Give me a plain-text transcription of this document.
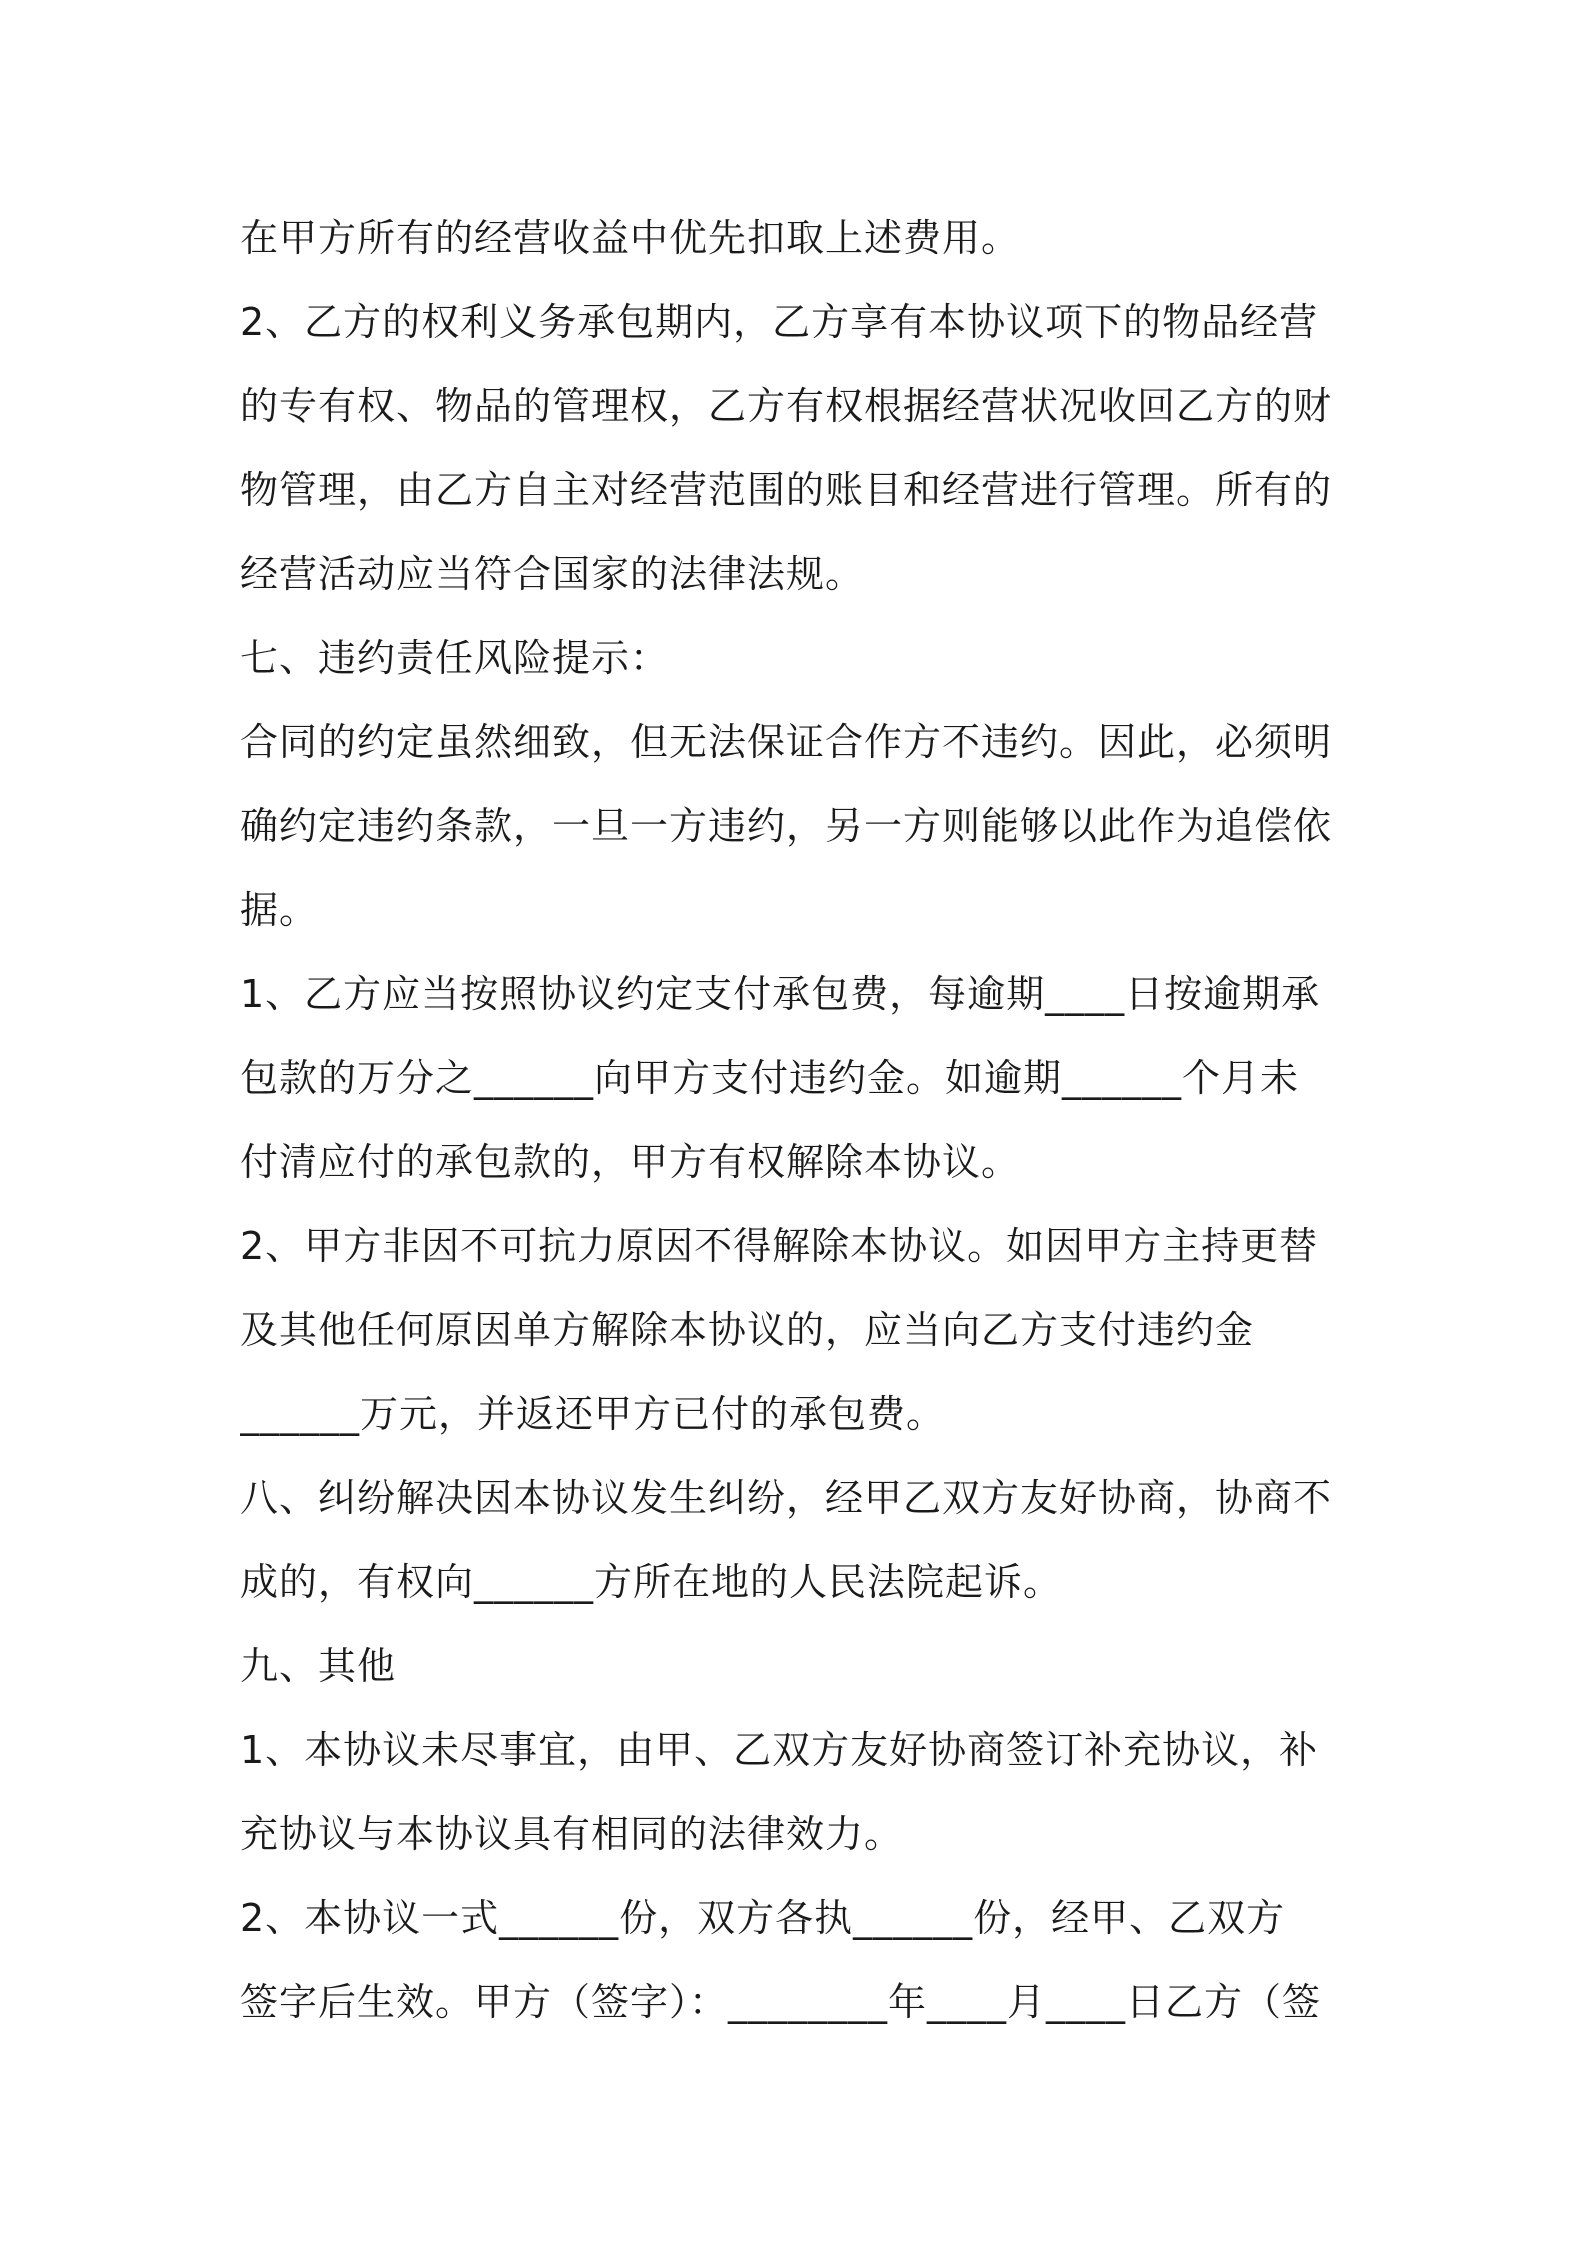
在甲方所有的经营收益中优先扣取上述费用。
2、乙方的权利义务承包期内，乙方享有本协议项下的物品经营
的专有权、物品的管理权，乙方有权根据经营状况收回乙方的财
物管理，由乙方自主对经营范围的账目和经营进行管理。所有的
经营活动应当符合国家的法律法规。
七、违约责任风险提示：
合同的约定虽然细致，但无法保证合作方不违约。因此，必须明
确约定违约条款，一旦一方违约，另一方则能够以此作为追偿依
据。
1、乙方应当按照协议约定支付承包费，每逾期____日按逾期承
包款的万分之______向甲方支付违约金。如逾期______个月未
付清应付的承包款的，甲方有权解除本协议。
2、甲方非因不可抗力原因不得解除本协议。如因甲方主持更替
及其他任何原因单方解除本协议的，应当向乙方支付违约金
______万元，并返还甲方已付的承包费。
八、纠纷解决因本协议发生纠纷，经甲乙双方友好协商，协商不
成的，有权向______方所在地的人民法院起诉。
九、其他
1、本协议未尽事宜，由甲、乙双方友好协商签订补充协议，补
充协议与本协议具有相同的法律效力。
2、本协议一式______份，双方各执______份，经甲、乙双方
签字后生效。甲方（签字）：________年____月____日乙方（签
